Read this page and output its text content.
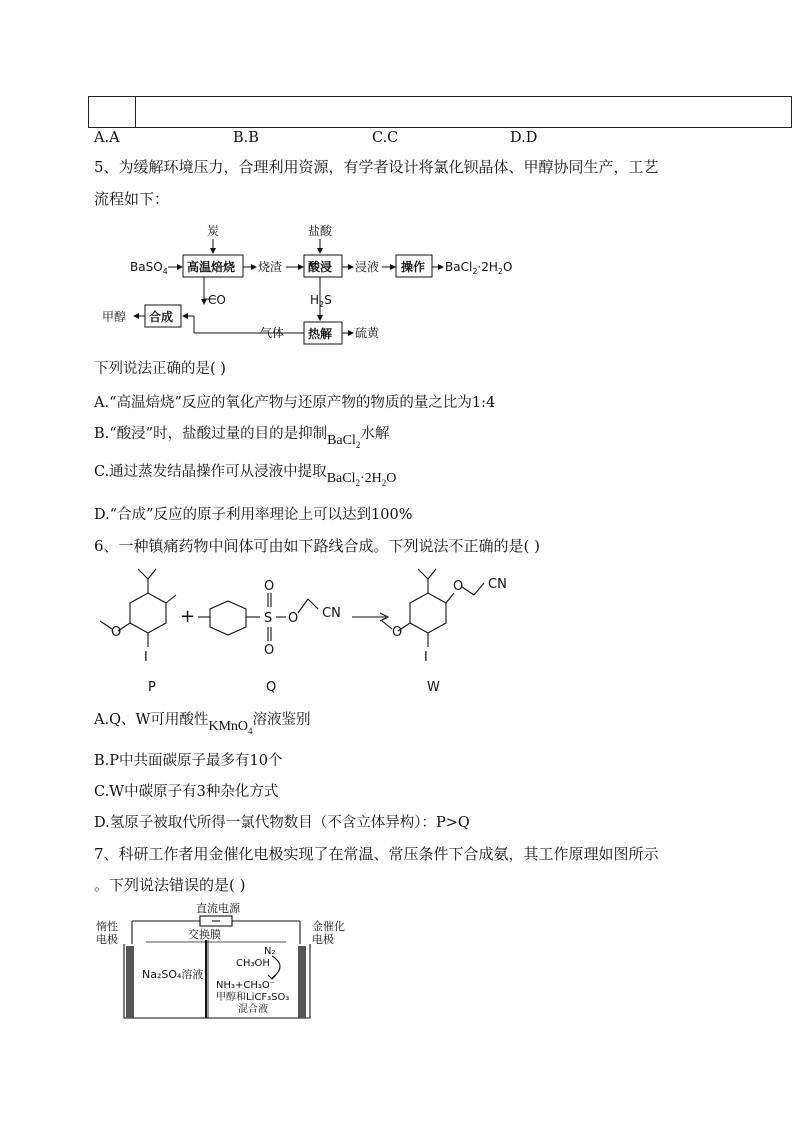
A.A	B.B	C.C	D.D
5、为缓解环境压力，合理利用资源，有学者设计将氯化钡晶体、甲醇协同生产，工艺
流程如下：
BaSO$_4$
炭
高温焙烧 烧渣
盐酸
酸浸 浸液 操作 $BaCl_2\cdot 2H_2O$
CO	$H_2S$
合成
甲醇
热解
气体	硫黄
下列说法正确的是( )
A.“高温焙烧”反应的氧化产物与还原产物的物质的量之比为1:4
B.“酸浸”时，盐酸过量的目的是抑制BaCl$_2$水解
C.通过蒸发结晶操作可从浸液中提取$BaCl_2\cdot 2H_2O$
D.“合成”反应的原子利用率理论上可以达到100%
6、一种镇痛药物中间体可由如下路线合成。下列说法不正确的是( )
O
I
+	S
O
O
O CN
O CN
O
I
P	Q	W
A.Q、W可用酸性KMnO$_4$溶液鉴别
B.P中共面碳原子最多有10个
C.W中碳原子有3种杂化方式
D.氢原子被取代所得一氯代物数目（不含立体异构）：P>Q
7、科研工作者用金催化电极实现了在常温、常压条件下合成氨，其工作原理如图所示
。下列说法错误的是( )
直流电源
惰性
电极	交换膜
金催化
电极
Na₂SO₄溶液
N₂
CH₃OH
NH₃+CH₃O⁻
甲醇和LiCF₃SO₃
混合液
